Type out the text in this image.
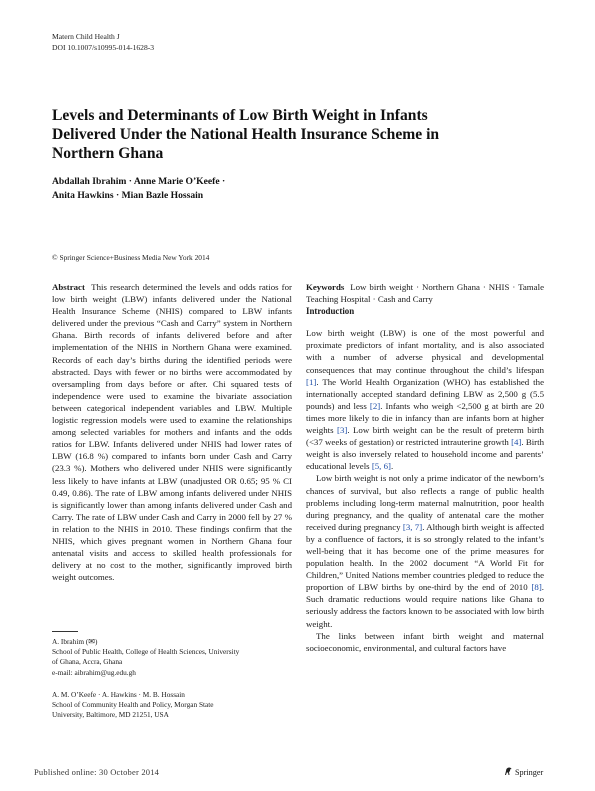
Matern Child Health J
DOI 10.1007/s10995-014-1628-3
Levels and Determinants of Low Birth Weight in Infants Delivered Under the National Health Insurance Scheme in Northern Ghana
Abdallah Ibrahim · Anne Marie O’Keefe ·
Anita Hawkins · Mian Bazle Hossain
© Springer Science+Business Media New York 2014

Abstract This research determined the levels and odds ratios for low birth weight (LBW) infants delivered under the National Health Insurance Scheme (NHIS) compared to LBW infants delivered under the previous “Cash and Carry” system in Northern Ghana. Birth records of infants delivered before and after implementation of the NHIS in Northern Ghana were examined. Records of each day’s births during the identified periods were abstracted. Days with fewer or no births were accommodated by oversampling from days before or after. Chi squared tests of independence were used to examine the bivariate association between categorical independent variables and LBW. Multiple logistic regression models were used to examine the relationships among selected variables for mothers and infants and the odds ratios for LBW. Infants delivered under NHIS had lower rates of LBW (16.8 %) compared to infants born under Cash and Carry (23.3 %). Mothers who delivered under NHIS were significantly less likely to have infants at LBW (unadjusted OR 0.65; 95 % CI 0.49, 0.86). The rate of LBW among infants delivered under NHIS is significantly lower than among infants delivered under Cash and Carry. The rate of LBW under Cash and Carry in 2000 fell by 27 % in relation to the NHIS in 2010. These findings confirm that the NHIS, which gives pregnant women in Northern Ghana four antenatal visits and access to skilled health professionals for delivery at no cost to the mother, significantly improved birth weight outcomes.

Keywords Low birth weight · Northern Ghana · NHIS · Tamale Teaching Hospital · Cash and Carry

Introduction

Low birth weight (LBW) is one of the most powerful and proximate predictors of infant mortality, and is also associated with a number of adverse physical and developmental consequences that may continue throughout the child’s lifespan [1]. The World Health Organization (WHO) has established the internationally accepted standard defining LBW as 2,500 g (5.5 pounds) and less [2]. Infants who weigh <2,500 g at birth are 20 times more likely to die in infancy than are infants born at higher weights [3]. Low birth weight can be the result of preterm birth (<37 weeks of gestation) or restricted intrauterine growth [4]. Birth weight is also inversely related to household income and parents’ educational levels [5, 6].

Low birth weight is not only a prime indicator of the newborn’s chances of survival, but also reflects a range of public health problems including long-term maternal malnutrition, poor health during pregnancy, and the quality of antenatal care the mother received during pregnancy [3, 7]. Although birth weight is affected by a confluence of factors, it is so strongly related to the infant’s well-being that it has become one of the prime measures for population health. In the 2002 document “A World Fit for Children,” United Nations member countries pledged to reduce the proportion of LBW births by one-third by the end of 2010 [8]. Such dramatic reductions would require nations like Ghana to seriously address the factors known to be associated with low birth weight.

The links between infant birth weight and maternal socioeconomic, environmental, and cultural factors have

A. Ibrahim (✉)
School of Public Health, College of Health Sciences, University
of Ghana, Accra, Ghana
e-mail: aibrahim@ug.edu.gh
A. M. O’Keefe · A. Hawkins · M. B. Hossain
School of Community Health and Policy, Morgan State
University, Baltimore, MD 21251, USA
Published online: 30 October 2014	Springer
